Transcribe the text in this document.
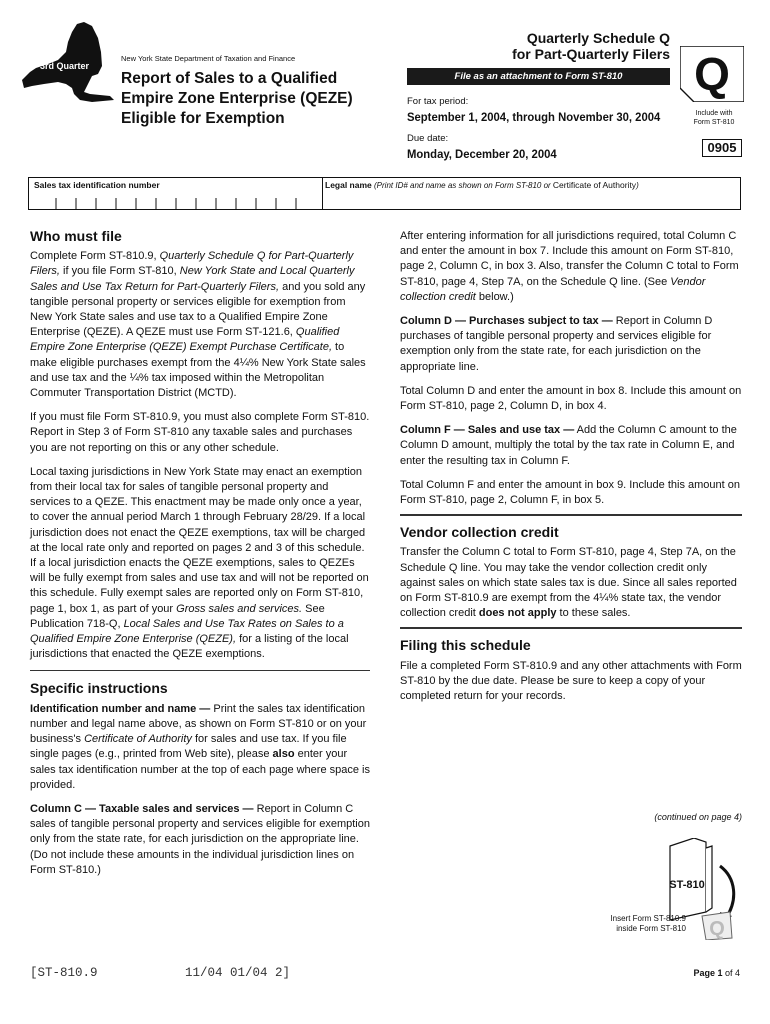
3rd Quarter
New York State Department of Taxation and Finance
Report of Sales to a Qualified
Empire Zone Enterprise (QEZE)
Eligible for Exemption
Quarterly Schedule Q
for Part-Quarterly Filers
File as an attachment to Form ST-810	Q
Include with
Form ST-810
For tax period:
September 1, 2004, through November 30, 2004
Due date:
Monday, December 20, 2004	0905
Sales tax identification number	Legal name (Print ID# and name as shown on Form ST-810 or Certificate of Authority)
Who must file

Complete Form ST-810.9, Quarterly Schedule Q for Part-Quarterly Filers, if you file Form ST-810, New York State and Local Quarterly Sales and Use Tax Return for Part-Quarterly Filers, and you sold any tangible personal property or services eligible for exemption from New York State sales and use tax to a Qualified Empire Zone Enterprise (QEZE). A QEZE must use Form ST-121.6, Qualified Empire Zone Enterprise (QEZE) Exempt Purchase Certificate, to make eligible purchases exempt from the 4¼% New York State sales and use tax and the ¼% tax imposed within the Metropolitan Commuter Transportation District (MCTD).

If you must file Form ST-810.9, you must also complete Form ST-810. Report in Step 3 of Form ST-810 any taxable sales and purchases you are not reporting on this or any other schedule.

Local taxing jurisdictions in New York State may enact an exemption from their local tax for sales of tangible personal property and services to a QEZE. This enactment may be made only once a year, to cover the annual period March 1 through February 28/29. If a local jurisdiction does not enact the QEZE exemptions, tax will be charged at the local rate only and reported on pages 2 and 3 of this schedule. If a local jurisdiction enacts the QEZE exemptions, sales to QEZEs will be fully exempt from sales and use tax and will not be reported on this schedule. Fully exempt sales are reported only on Form ST-810, page 1, box 1, as part of your Gross sales and services. See Publication 718-Q, Local Sales and Use Tax Rates on Sales to a Qualified Empire Zone Enterprise (QEZE), for a listing of the local jurisdictions that enacted the QEZE exemptions.

Specific instructions

Identification number and name — Print the sales tax identification number and legal name above, as shown on Form ST-810 or on your business's Certificate of Authority for sales and use tax. If you file single pages (e.g., printed from Web site), please also enter your sales tax identification number at the top of each page where space is provided.

Column C — Taxable sales and services — Report in Column C sales of tangible personal property and services eligible for exemption only from the state rate, for each jurisdiction on the appropriate line. (Do not include these amounts in the individual jurisdiction lines on Form ST-810.)

After entering information for all jurisdictions required, total Column C and enter the amount in box 7. Include this amount on Form ST-810, page 2, Column C, in box 3. Also, transfer the Column C total to Form ST-810, page 4, Step 7A, on the Schedule Q line. (See Vendor collection credit below.)

Column D — Purchases subject to tax — Report in Column D purchases of tangible personal property and services eligible for exemption only from the state rate, for each jurisdiction on the appropriate line.

Total Column D and enter the amount in box 8. Include this amount on Form ST-810, page 2, Column D, in box 4.

Column F — Sales and use tax — Add the Column C amount to the Column D amount, multiply the total by the tax rate in Column E, and enter the resulting tax in Column F.

Total Column F and enter the amount in box 9. Include this amount on Form ST-810, page 2, Column F, in box 5.

Vendor collection credit

Transfer the Column C total to Form ST-810, page 4, Step 7A, on the Schedule Q line. You may take the vendor collection credit only against sales on which state sales tax is due. Since all sales reported on Form ST-810.9 are exempt from the 4¼% state tax, the vendor collection credit does not apply to these sales.

Filing this schedule

File a completed Form ST-810.9 and any other attachments with Form ST-810 by the due date. Please be sure to keep a copy of your completed return for your records.

(continued on page 4)
ST-810
Q
Insert Form ST-810.9
inside Form ST-810
[ST-810.9	11/04 01/04 2]	Page 1 of 4
